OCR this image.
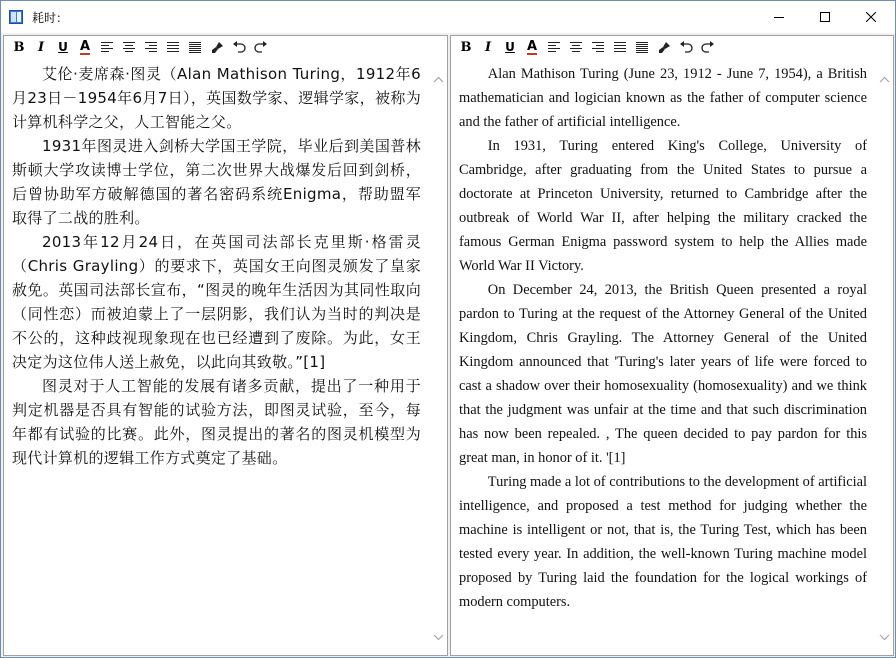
耗时：
B I U A

艾伦·麦席森·图灵（Alan Mathison Turing，1912年6月23日－1954年6月7日），英国数学家、逻辑学家，被称为计算机科学之父，人工智能之父。

1931年图灵进入剑桥大学国王学院，毕业后到美国普林斯顿大学攻读博士学位，第二次世界大战爆发后回到剑桥，后曾协助军方破解德国的著名密码系统Enigma，帮助盟军取得了二战的胜利。

2013年12月24日，在英国司法部长克里斯·格雷灵（Chris Grayling）的要求下，英国女王向图灵颁发了皇家赦免。英国司法部长宣布，“图灵的晚年生活因为其同性取向（同性恋）而被迫蒙上了一层阴影，我们认为当时的判决是不公的，这种歧视现象现在也已经遭到了废除。为此，女王决定为这位伟人送上赦免，以此向其致敬。”[1]

图灵对于人工智能的发展有诸多贡献，提出了一种用于判定机器是否具有智能的试验方法，即图灵试验，至今，每年都有试验的比赛。此外，图灵提出的著名的图灵机模型为现代计算机的逻辑工作方式奠定了基础。

B I U A

Alan Mathison Turing (June 23, 1912 - June 7, 1954), a British mathematician and logician known as the father of computer science and the father of artificial intelligence.

In 1931, Turing entered King's College, University of Cambridge, after graduating from the United States to pursue a doctorate at Princeton University, returned to Cambridge after the outbreak of World War II, after helping the military cracked the famous German Enigma password system to help the Allies made World War II Victory.

On December 24, 2013, the British Queen presented a royal pardon to Turing at the request of the Attorney General of the United Kingdom, Chris Grayling. The Attorney General of the United Kingdom announced that 'Turing's later years of life were forced to cast a shadow over their homosexuality (homosexuality) and we think that the judgment was unfair at the time and that such discrimination has now been repealed. , The queen decided to pay pardon for this great man, in honor of it. '[1]

Turing made a lot of contributions to the development of artificial intelligence, and proposed a test method for judging whether the machine is intelligent or not, that is, the Turing Test, which has been tested every year. In addition, the well-known Turing machine model proposed by Turing laid the foundation for the logical workings of modern computers.
